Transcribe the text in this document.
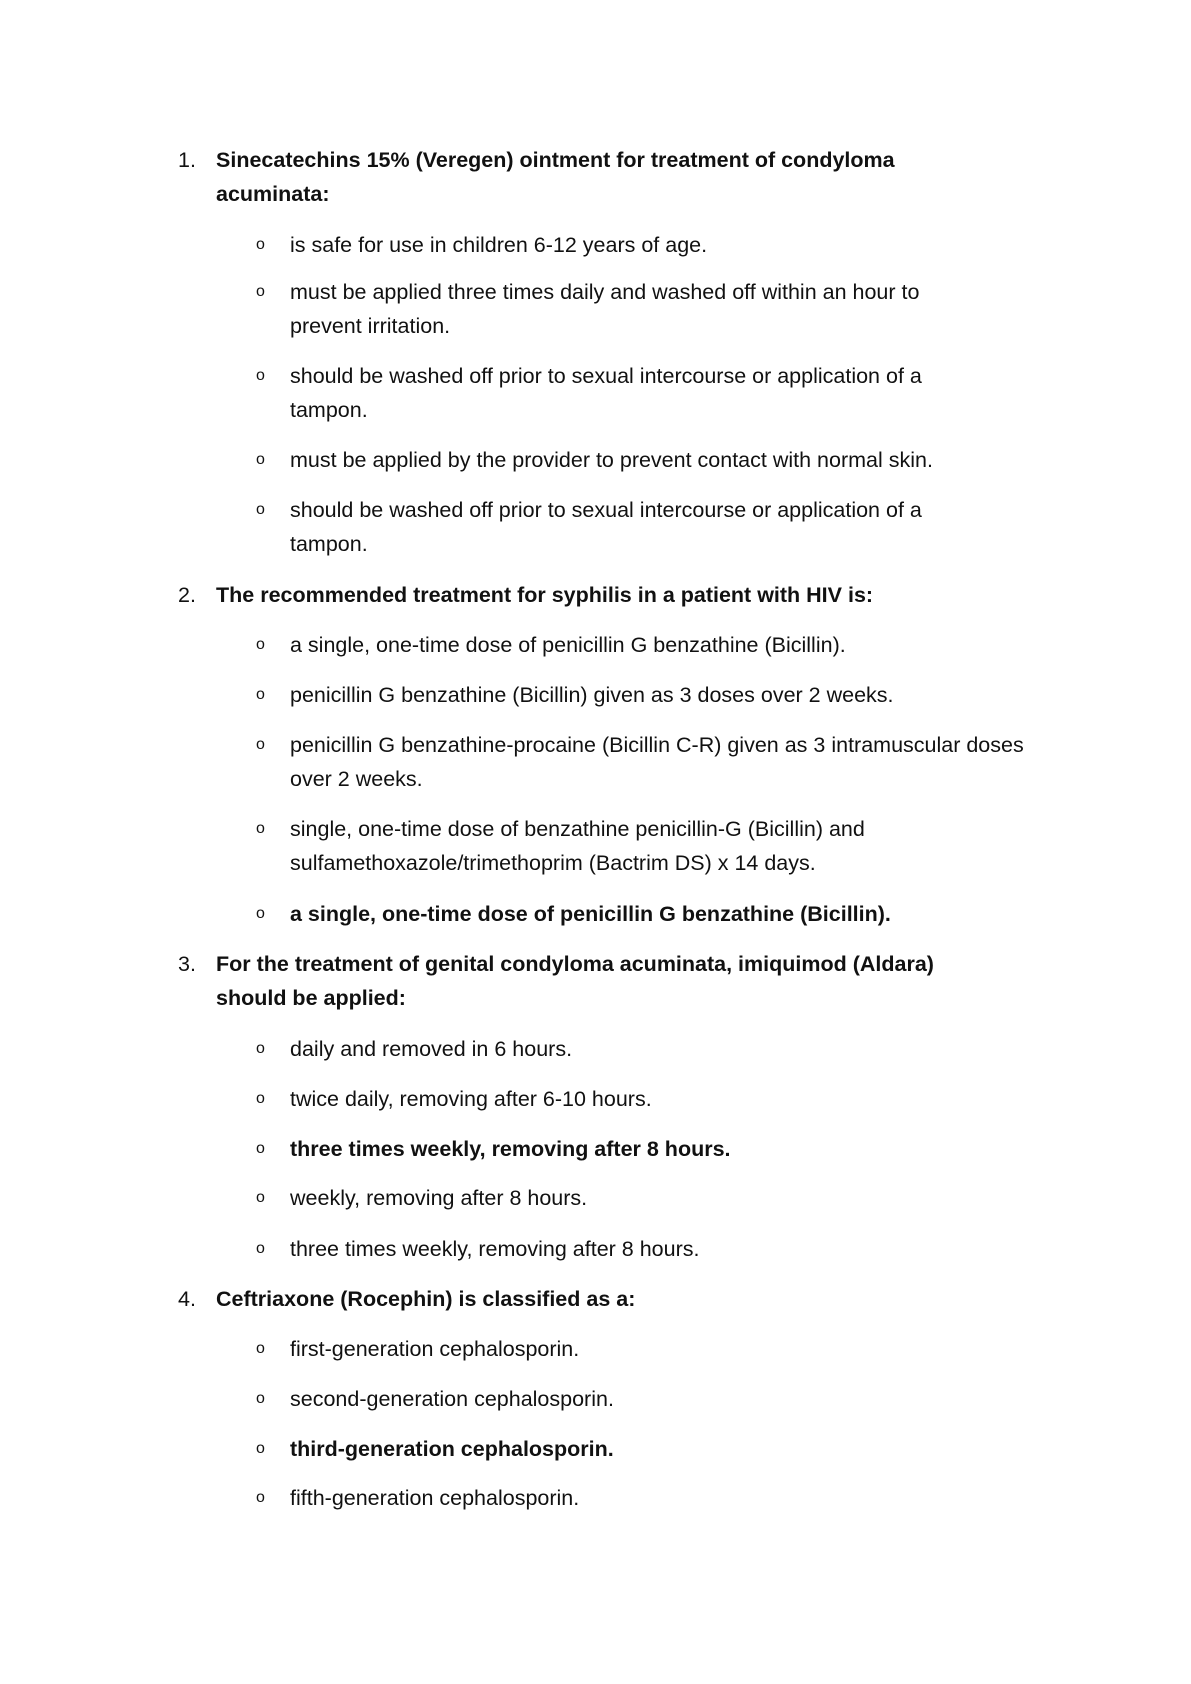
1. Sinecatechins 15% (Veregen) ointment for treatment of condyloma acuminata:
o is safe for use in children 6-12 years of age.
o must be applied three times daily and washed off within an hour to prevent irritation.
o should be washed off prior to sexual intercourse or application of a tampon.
o must be applied by the provider to prevent contact with normal skin.
o should be washed off prior to sexual intercourse or application of a tampon.
2. The recommended treatment for syphilis in a patient with HIV is:
o a single, one-time dose of penicillin G benzathine (Bicillin).
o penicillin G benzathine (Bicillin) given as 3 doses over 2 weeks.
o penicillin G benzathine-procaine (Bicillin C-R) given as 3 intramuscular doses over 2 weeks.
o single, one-time dose of benzathine penicillin-G (Bicillin) and sulfamethoxazole/trimethoprim (Bactrim DS) x 14 days.
o a single, one-time dose of penicillin G benzathine (Bicillin).
3. For the treatment of genital condyloma acuminata, imiquimod (Aldara) should be applied:
o daily and removed in 6 hours.
o twice daily, removing after 6-10 hours.
o three times weekly, removing after 8 hours.
o weekly, removing after 8 hours.
o three times weekly, removing after 8 hours.
4. Ceftriaxone (Rocephin) is classified as a:
o first-generation cephalosporin.
o second-generation cephalosporin.
o third-generation cephalosporin.
o fifth-generation cephalosporin.
